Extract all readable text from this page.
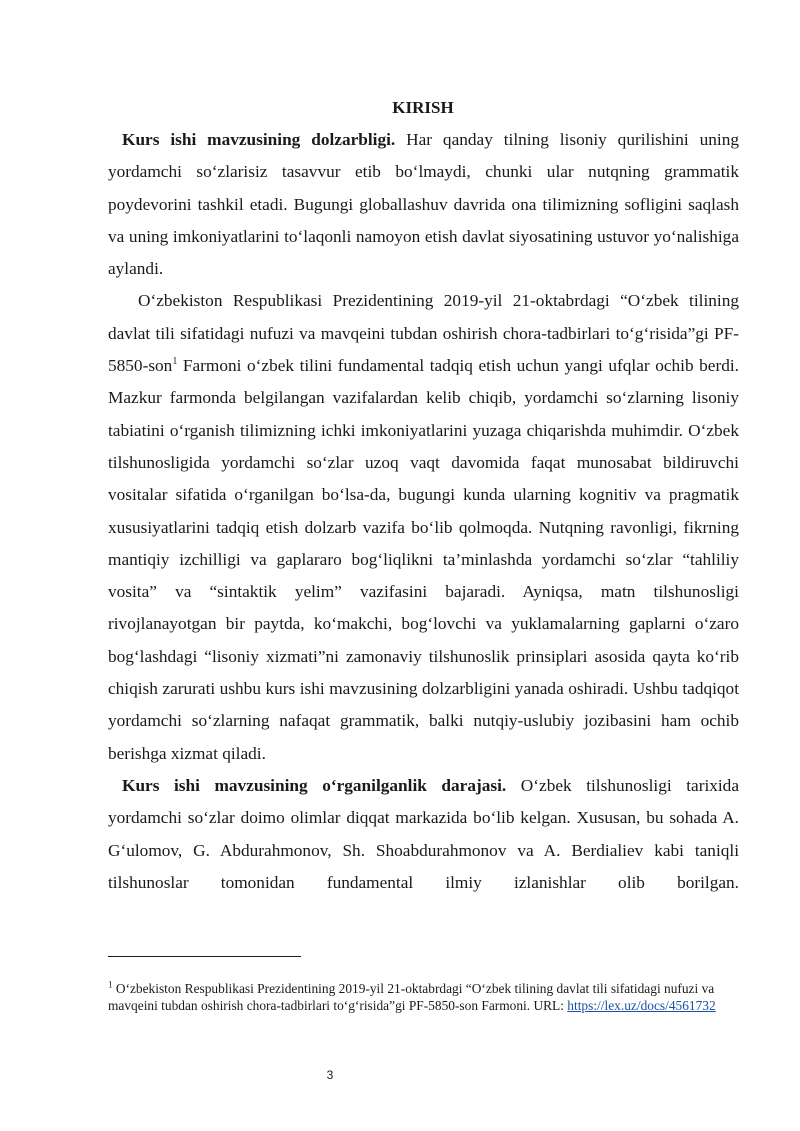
KIRISH

Kurs ishi mavzusining dolzarbligi. Har qanday tilning lisoniy qurilishini uning yordamchi so‘zlarisiz tasavvur etib bo‘lmaydi, chunki ular nutqning grammatik poydevorini tashkil etadi. Bugungi globallashuv davrida ona tilimizning sofligini saqlash va uning imkoniyatlarini to‘laqonli namoyon etish davlat siyosatining ustuvor yo‘nalishiga aylandi.

O‘zbekiston Respublikasi Prezidentining 2019-yil 21-oktabrdagi “O‘zbek tilining davlat tili sifatidagi nufuzi va mavqeini tubdan oshirish chora-tadbirlari to‘g‘risida”gi PF-5850-son$^1$ Farmoni o‘zbek tilini fundamental tadqiq etish uchun yangi ufqlar ochib berdi. Mazkur farmonda belgilangan vazifalardan kelib chiqib, yordamchi so‘zlarning lisoniy tabiatini o‘rganish tilimizning ichki imkoniyatlarini yuzaga chiqarishda muhimdir. O‘zbek tilshunosligida yordamchi so‘zlar uzoq vaqt davomida faqat munosabat bildiruvchi vositalar sifatida o‘rganilgan bo‘lsa-da, bugungi kunda ularning kognitiv va pragmatik xususiyatlarini tadqiq etish dolzarb vazifa bo‘lib qolmoqda. Nutqning ravonligi, fikrning mantiqiy izchilligi va gaplararo bog‘liqlikni ta’minlashda yordamchi so‘zlar “tahliliy vosita” va “sintaktik yelim” vazifasini bajaradi. Ayniqsa, matn tilshunosligi rivojlanayotgan bir paytda, ko‘makchi, bog‘lovchi va yuklamalarning gaplarni o‘zaro bog‘lashdagi “lisoniy xizmati”ni zamonaviy tilshunoslik prinsiplari asosida qayta ko‘rib chiqish zarurati ushbu kurs ishi mavzusining dolzarbligini yanada oshiradi. Ushbu tadqiqot yordamchi so‘zlarning nafaqat grammatik, balki nutqiy-uslubiy jozibasini ham ochib berishga xizmat qiladi.

Kurs ishi mavzusining o‘rganilganlik darajasi. O‘zbek tilshunosligi tarixida yordamchi so‘zlar doimo olimlar diqqat markazida bo‘lib kelgan. Xususan, bu sohada A. G‘ulomov, G. Abdurahmonov, Sh. Shoabdurahmonov va A. Berdialiev kabi taniqli tilshunoslar tomonidan fundamental ilmiy izlanishlar olib borilgan.

$^1$ O‘zbekiston Respublikasi Prezidentining 2019-yil 21-oktabrdagi “O‘zbek tilining davlat tili sifatidagi nufuzi va mavqeini tubdan oshirish chora-tadbirlari to‘g‘risida”gi PF-5850-son Farmoni. URL: https://lex.uz/docs/4561732
3
